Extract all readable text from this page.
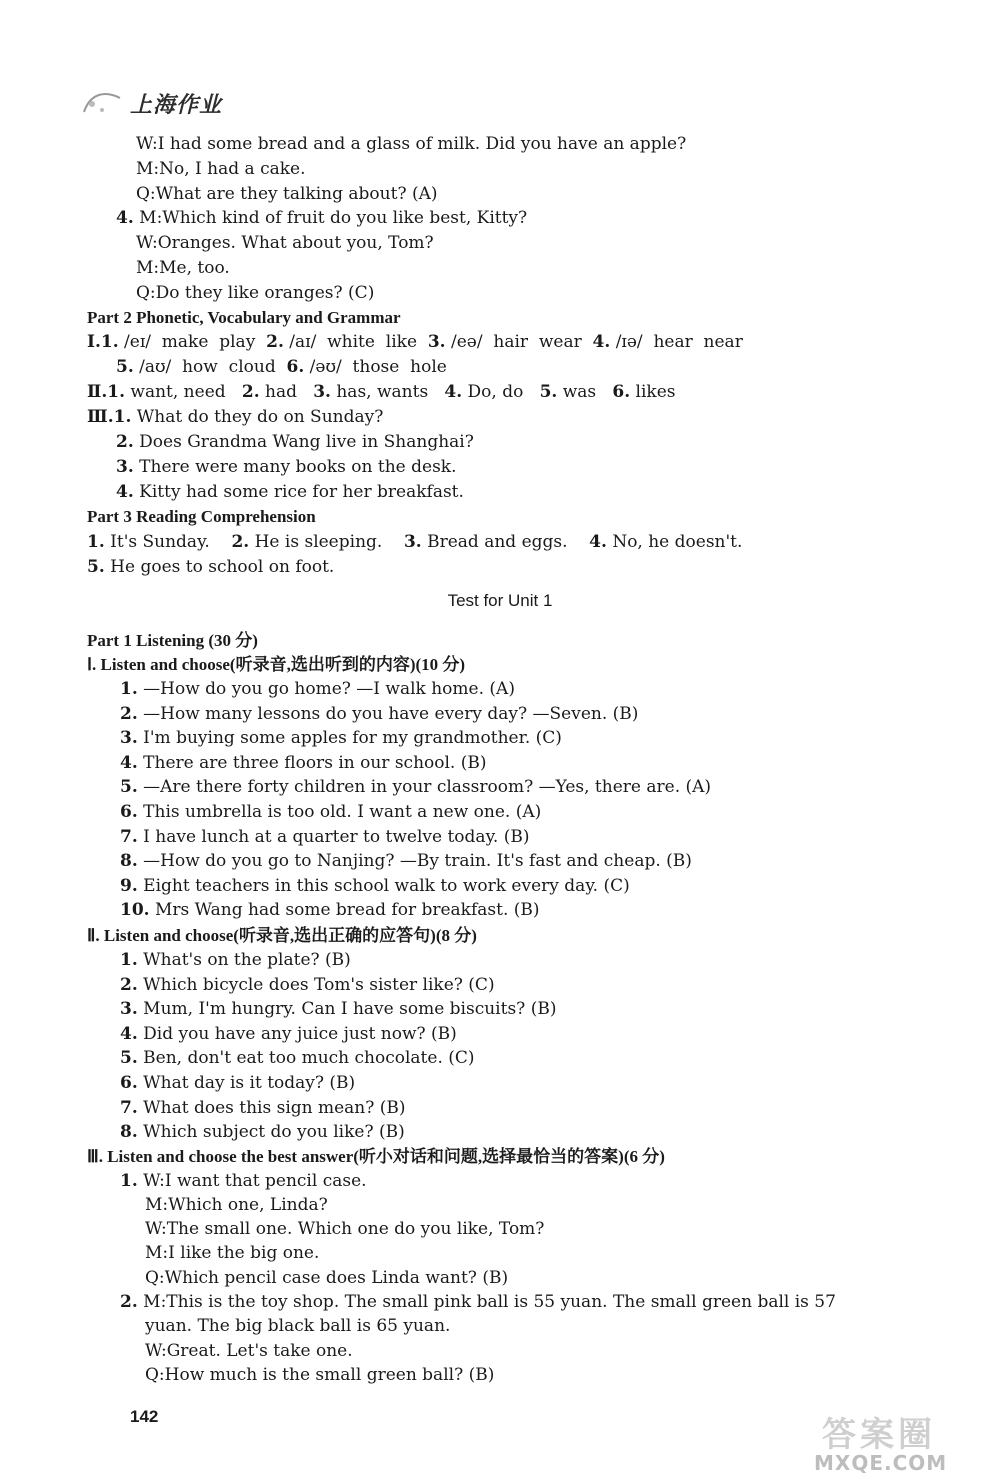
上海作业
W:I had some bread and a glass of milk. Did you have an apple?
M:No, I had a cake.
Q:What are they talking about? (A)
4. M:Which kind of fruit do you like best, Kitty?
W:Oranges. What about you, Tom?
M:Me, too.
Q:Do they like oranges? (C)
Part 2 Phonetic, Vocabulary and Grammar
Ⅰ.1. /eɪ/ make play 2. /aɪ/ white like 3. /eə/ hair wear 4. /ɪə/ hear near
5. /aʊ/ how cloud 6. /əʊ/ those hole
Ⅱ.1. want, need 2. had 3. has, wants 4. Do, do 5. was 6. likes
Ⅲ.1. What do they do on Sunday?
2. Does Grandma Wang live in Shanghai?
3. There were many books on the desk.
4. Kitty had some rice for her breakfast.
Part 3 Reading Comprehension
1. It's Sunday. 2. He is sleeping. 3. Bread and eggs. 4. No, he doesn't.
5. He goes to school on foot.
Test for Unit 1
Part 1 Listening (30 分)
Ⅰ. Listen and choose(听录音,选出听到的内容)(10 分)
1. —How do you go home? —I walk home. (A)
2. —How many lessons do you have every day? —Seven. (B)
3. I'm buying some apples for my grandmother. (C)
4. There are three floors in our school. (B)
5. —Are there forty children in your classroom? —Yes, there are. (A)
6. This umbrella is too old. I want a new one. (A)
7. I have lunch at a quarter to twelve today. (B)
8. —How do you go to Nanjing? —By train. It's fast and cheap. (B)
9. Eight teachers in this school walk to work every day. (C)
10. Mrs Wang had some bread for breakfast. (B)
Ⅱ. Listen and choose(听录音,选出正确的应答句)(8 分)
1. What's on the plate? (B)
2. Which bicycle does Tom's sister like? (C)
3. Mum, I'm hungry. Can I have some biscuits? (B)
4. Did you have any juice just now? (B)
5. Ben, don't eat too much chocolate. (C)
6. What day is it today? (B)
7. What does this sign mean? (B)
8. Which subject do you like? (B)
Ⅲ. Listen and choose the best answer(听小对话和问题,选择最恰当的答案)(6 分)
1. W:I want that pencil case.
M:Which one, Linda?
W:The small one. Which one do you like, Tom?
M:I like the big one.
Q:Which pencil case does Linda want? (B)
2. M:This is the toy shop. The small pink ball is 55 yuan. The small green ball is 57
yuan. The big black ball is 65 yuan.
W:Great. Let's take one.
Q:How much is the small green ball? (B)
142	答案圈
MXQE.COM
